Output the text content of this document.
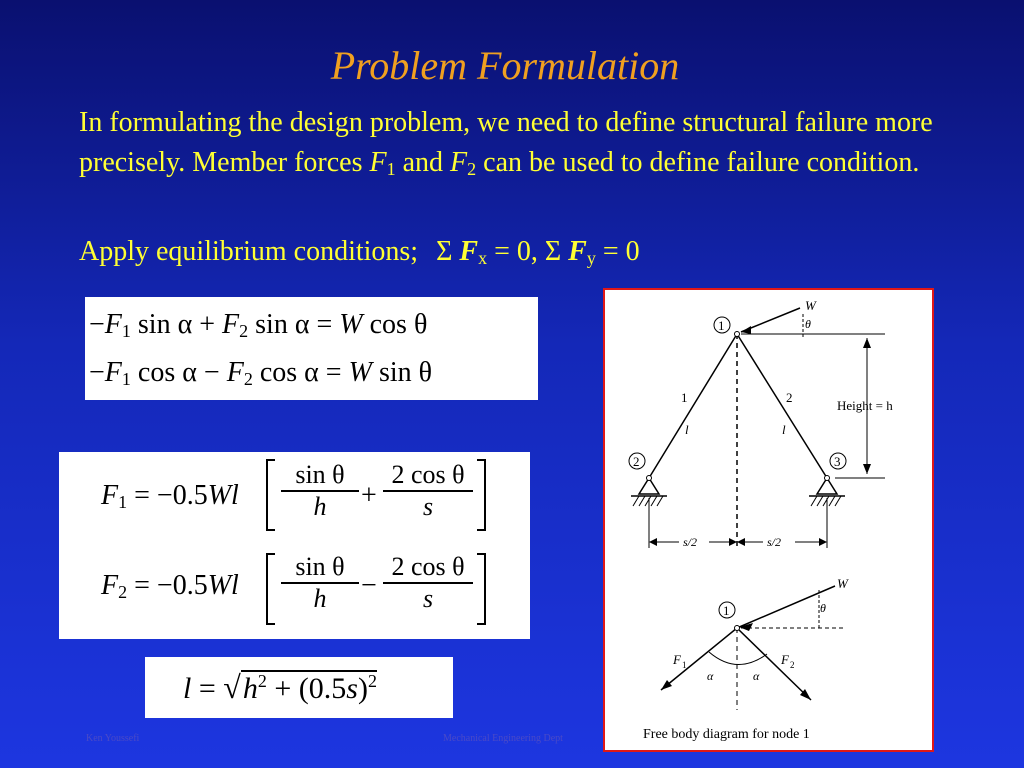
Problem Formulation
In formulating the design problem, we need to define structural failure more precisely. Member forces $F_1$ and $F_2$ can be used to define failure condition.
Apply equilibrium conditions; Σ $F_x = 0$, Σ $F_y = 0$
$-F_1$ $\sin \alpha + F_2$ sin α = W cos θ
$-F_1$ $\cos \alpha - F_2$ cos α = W sin θ
$F_1 = -0.5Wl$
sin θ
h	+
2 cos θ
s
$F_2 = -0.5Wl$
sin θ
h	−
2 cos θ
s
$l = √h^2 + (0.5s)^2$
1
2	3
W
θ
1
l
2
l
Height = h
s/2	s/2
1
W
θ
F 1	F 2
α	α
Free body diagram for node 1
Ken Youssefi	Mechanical Engineering Dept
